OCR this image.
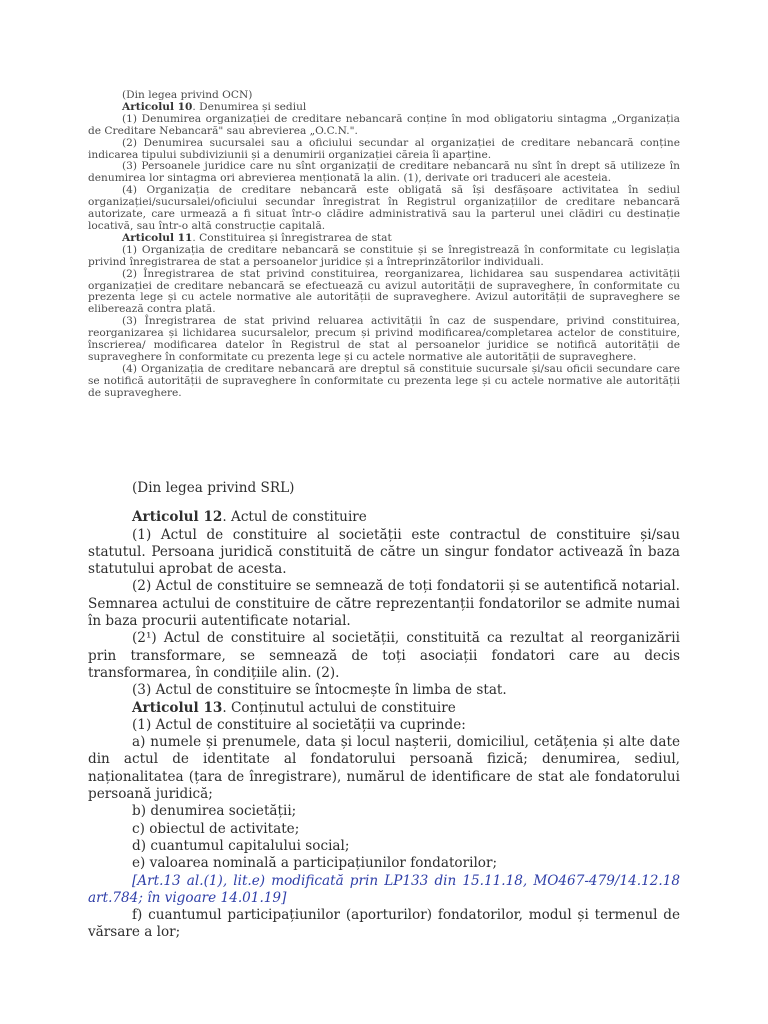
(Din legea privind OCN)

Articolul 10. Denumirea și sediul

(1) Denumirea organizației de creditare nebancară conține în mod obligatoriu sintagma „Organizația de Creditare Nebancară" sau abrevierea „O.C.N.".

(2) Denumirea sucursalei sau a oficiului secundar al organizației de creditare nebancară conține indicarea tipului subdiviziunii și a denumirii organizației căreia îi aparține.

(3) Persoanele juridice care nu sînt organizații de creditare nebancară nu sînt în drept să utilizeze în denumirea lor sintagma ori abrevierea menționată la alin. (1), derivate ori traduceri ale acesteia.

(4) Organizația de creditare nebancară este obligată să își desfășoare activitatea în sediul organizației/sucursalei/oficiului secundar înregistrat în Registrul organizațiilor de creditare nebancară autorizate, care urmează a fi situat într-o clădire administrativă sau la parterul unei clădiri cu destinație locativă, sau într-o altă construcție capitală.

Articolul 11. Constituirea și înregistrarea de stat

(1) Organizația de creditare nebancară se constituie și se înregistrează în conformitate cu legislația privind înregistrarea de stat a persoanelor juridice și a întreprinzătorilor individuali.

(2) Înregistrarea de stat privind constituirea, reorganizarea, lichidarea sau suspendarea activității organizației de creditare nebancară se efectuează cu avizul autorității de supraveghere, în conformitate cu prezenta lege și cu actele normative ale autorității de supraveghere. Avizul autorității de supraveghere se eliberează contra plată.

(3) Înregistrarea de stat privind reluarea activității în caz de suspendare, privind constituirea, reorganizarea și lichidarea sucursalelor, precum și privind modificarea/completarea actelor de constituire, înscrierea/ modificarea datelor în Registrul de stat al persoanelor juridice se notifică autorității de supraveghere în conformitate cu prezenta lege și cu actele normative ale autorității de supraveghere.

(4) Organizația de creditare nebancară are dreptul să constituie sucursale și/sau oficii secundare care se notifică autorității de supraveghere în conformitate cu prezenta lege și cu actele normative ale autorității de supraveghere.

(Din legea privind SRL)

Articolul 12. Actul de constituire

(1) Actul de constituire al societății este contractul de constituire și/sau statutul. Persoana juridică constituită de către un singur fondator activează în baza statutului aprobat de acesta.

(2) Actul de constituire se semnează de toți fondatorii și se autentifică notarial. Semnarea actului de constituire de către reprezentanții fondatorilor se admite numai în baza procurii autentificate notarial.

(2¹) Actul de constituire al societății, constituită ca rezultat al reorganizării prin transformare, se semnează de toți asociații fondatori care au decis transformarea, în condițiile alin. (2).

(3) Actul de constituire se întocmește în limba de stat.

Articolul 13. Conținutul actului de constituire

(1) Actul de constituire al societății va cuprinde:

a) numele și prenumele, data și locul nașterii, domiciliul, cetățenia și alte date din actul de identitate al fondatorului persoană fizică; denumirea, sediul, naționalitatea (țara de înregistrare), numărul de identificare de stat ale fondatorului persoană juridică;

b) denumirea societății;

c) obiectul de activitate;

d) cuantumul capitalului social;

e) valoarea nominală a participațiunilor fondatorilor;

[Art.13 al.(1), lit.e) modificată prin LP133 din 15.11.18, MO467-479/14.12.18 art.784; în vigoare 14.01.19]

f) cuantumul participațiunilor (aporturilor) fondatorilor, modul și termenul de vărsare a lor;
